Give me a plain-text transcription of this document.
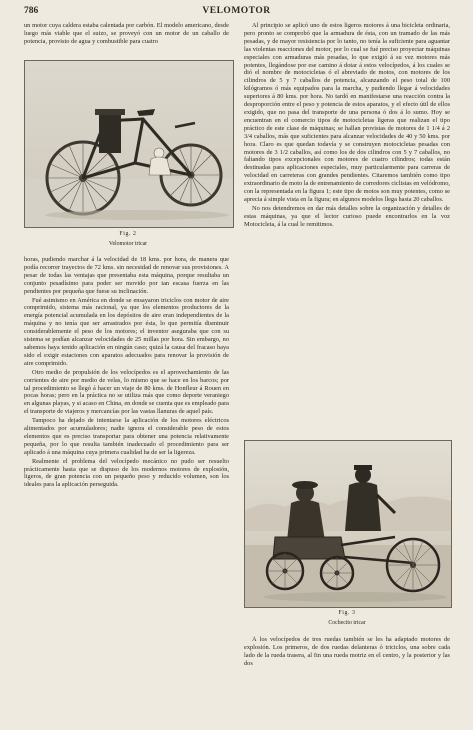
786	VELOMOTOR

un motor cuya caldera estaba calentada por carbón. El modelo americano, desde luego más viable que el suizo, se proveyó con un motor de un caballo de potencia, provisto de agua y combustible para cuatro

Fig. 2
Velomotor tricar

horas, pudiendo marchar á la velocidad de 18 kms. por hora, de manera que podía recorrer trayectos de 72 kms. sin necesidad de renovar sus provisiones. A pesar de todas las ventajas que presentaba esta máquina, porque resultaba un conjunto pesadísimo para poder ser movido por tan escasa fuerza en las pendientes por pequeña que fuese su inclinación.

Fué asimismo en América en donde se ensayaron triciclos con motor de aire comprimido, sistema más racional, ya que los elementos productores de la energía potencial acumulada en los depósitos de aire eran independientes de la máquina y no tenía que ser arrastrados por ésta, lo que permitía disminuir considerablemente el peso de los motores; el inventor aseguraba que con su sistema se podían alcanzar velocidades de 25 millas por hora. Sin embargo, no sabemos haya tenido aplicación en ningún caso; quizá la causa del fracaso haya sido el exigir estaciones con aparatos adecuados para renovar la provisión de aire comprimido.

Otro medio de propulsión de los velocípedos es el aprovechamiento de las corrientes de aire por medio de velas, lo mismo que se hace en los barcos; por tal procedimiento se llegó á hacer un viaje de 80 kms. de Honfleur á Rouen en pocas horas; pero en la práctica no se utiliza más que como deporte veraniego en algunas playas, y si acaso en China, en donde se cuenta que es empleado para el transporte de viajeros y mercancías por las vastas llanuras de aquel país.

Tampoco ha dejado de intentarse la aplicación de los motores eléctricos alimentados por acumuladores; nadie ignora el considerable peso de estos elementos que es preciso transportar para obtener una potencia relativamente pequeña, por lo que resulta también inadecuado el procedimiento para ser aplicado á una máquina cuya primera cualidad ha de ser la ligereza.

Realmente el problema del velocípedo mecánico no pudo ser resuelto prácticamente hasta que se dispuso de los modernos motores de explosión, ligeros, de gran potencia con un pequeño peso y reducido volumen, son los ideales para la aplicación perseguida.

Al principio se aplicó uno de estos ligeros motores á una bicicleta ordinaria, pero pronto se comprobó que la armadura de ésta, con un tramado de las más pesadas, y de mayor resistencia por lo tanto, no tenía la suficiente para aguantar las violentas reacciones del motor, por lo cual se fué preciso proyectar máquinas especiales con armaduras más pesadas, lo que exigió á su vez motores más potentes, llegándose por ese camino á dotar á estos velocípedos, á los cuales se dió el nombre de motocicletas ó el abreviado de motos, con motores de los cilindros de 5 y 7 caballos de potencia, alcanzando el peso total de 100 kilógramos ó más equipados para la marcha, y pudiendo llegar á velocidades superiores á 80 kms. por hora. No tardó en manifestarse una reacción contra la desproporción entre el peso y potencia de estos aparatos, y el efecto útil de ellos exigido, que no pasa del transporte de una persona ó dos á lo sumo. Hoy se encuentran en el comercio tipos de motocicletas ligeras que realizan el tipo práctico de este clase de máquinas; se hallan provistas de motores de 1 1/4 á 2 3/4 caballos, más que suficientes para alcanzar velocidades de 40 y 50 kms. por hora. Claro es que quedan todavía y se construyen motocicletas pesadas con motores de 3 1/2 caballos, así como los de dos cilindros con 5 y 7 caballos, no faltando tipos excepcionales con motores de cuatro cilindros; todas están destinadas para aplicaciones especiales, muy particularmente para carreras de velocidad en carreteras con grandes pendientes. Citaremos también como tipo extraordinario de moto la de entrenamiento de corredores ciclistas en velódromo, con la representada en la figura 1; este tipo de motos son muy potentes, como se aprecia á simple vista en la figura; en algunos modelos llega hasta 20 caballos.

No nos detendremos en dar más detalles sobre la organización y detalles de estas máquinas, ya que el lector curioso puede encontrarlos en la voz Motocicleta, á la cual le remitimos.

Fig. 3
Cochecito tricar

Á los velocípedos de tres ruedas también se les ha adaptado motores de explosión. Los primeros, de dos ruedas delanteras ó triciclos, una sobre cada lado de la rueda trasera, al fin una rueda motriz en el centro, y la posterior y las dos
